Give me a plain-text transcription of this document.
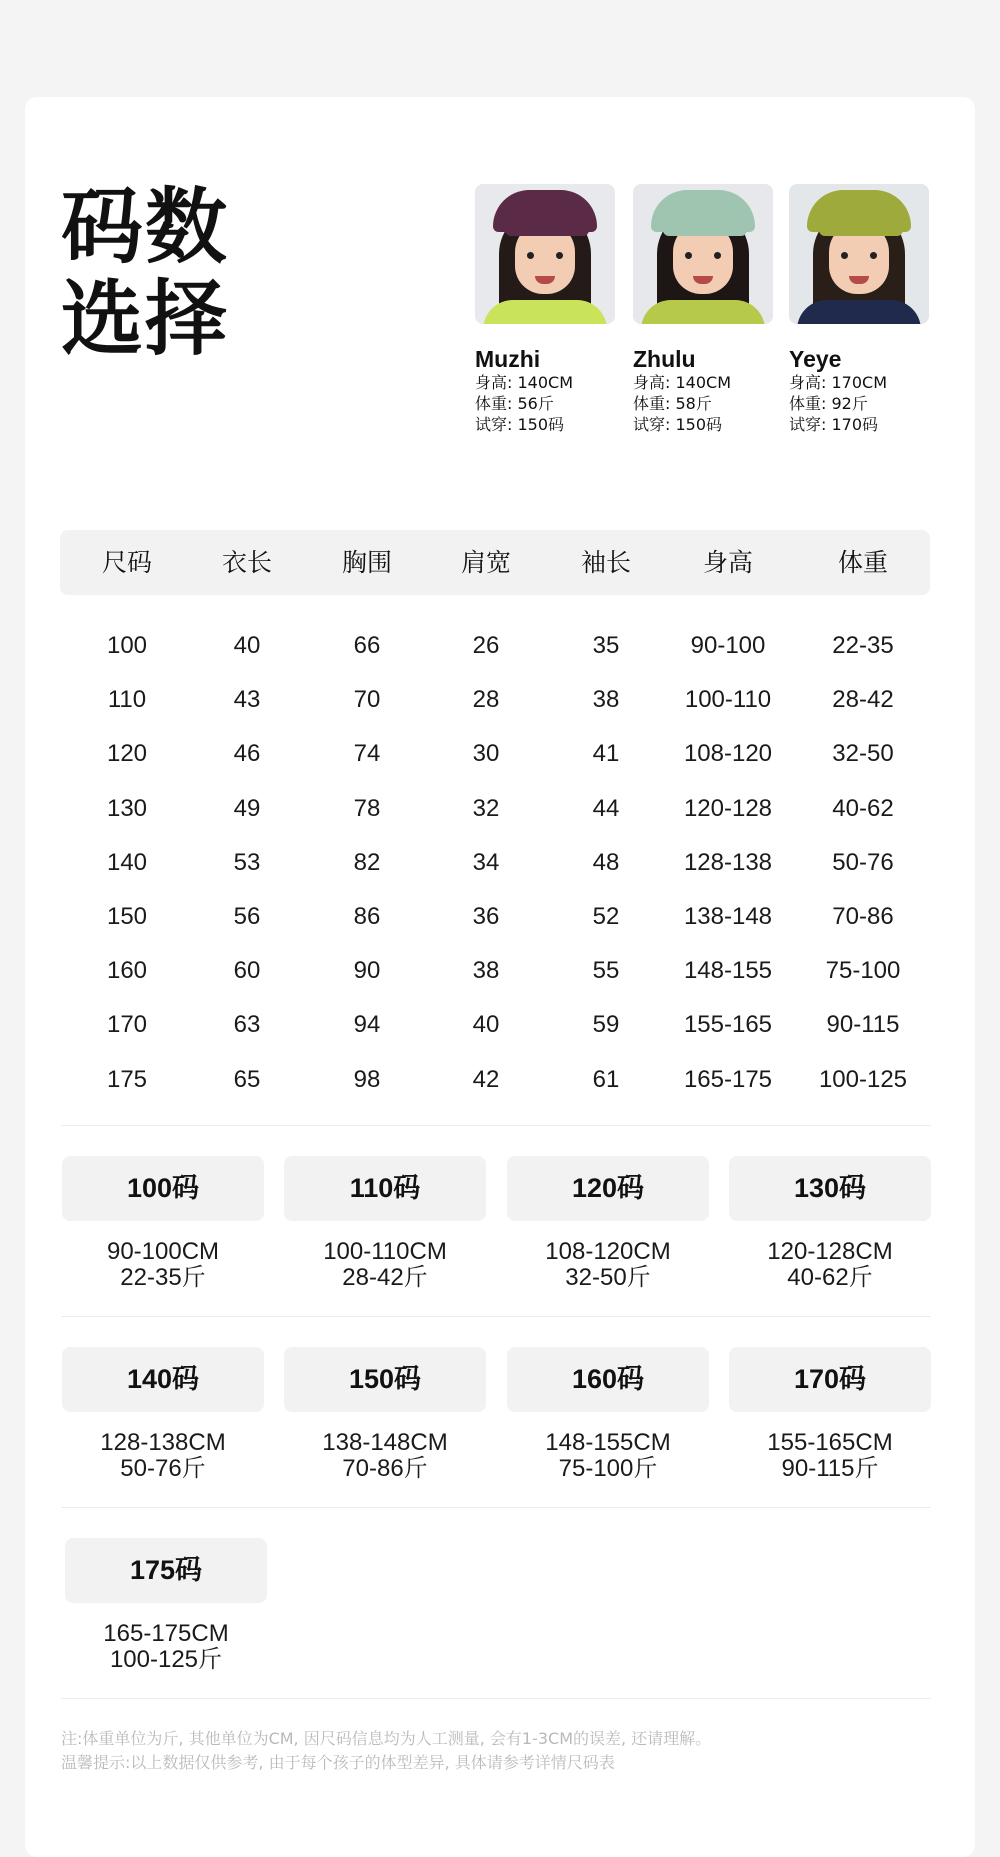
码数
选择	Muzhi
身高: 140CM
体重: 56斤
试穿: 150码
Zhulu
身高: 140CM
体重: 58斤
试穿: 150码
Yeye
身高: 170CM
体重: 92斤
试穿: 170码
尺码	衣长	胸围	肩宽	袖长	身高	体重
100	40	66	26	35	90-100	22-35
110	43	70	28	38	100-110	28-42
120	46	74	30	41	108-120	32-50
130	49	78	32	44	120-128	40-62
140	53	82	34	48	128-138	50-76
150	56	86	36	52	138-148	70-86
160	60	90	38	55	148-155	75-100
170	63	94	40	59	155-165	90-115
175	65	98	42	61	165-175	100-125
100码
90-100CM
22-35斤
110码
100-110CM
28-42斤
120码
108-120CM
32-50斤
130码
120-128CM
40-62斤
140码
128-138CM
50-76斤
150码
138-148CM
70-86斤
160码
148-155CM
75-100斤
170码
155-165CM
90-115斤
175码
165-175CM
100-125斤
注:体重单位为斤, 其他单位为CM, 因尺码信息均为人工测量, 会有1-3CM的误差, 还请理解。
温馨提示:以上数据仅供参考, 由于每个孩子的体型差异, 具体请参考详情尺码表
